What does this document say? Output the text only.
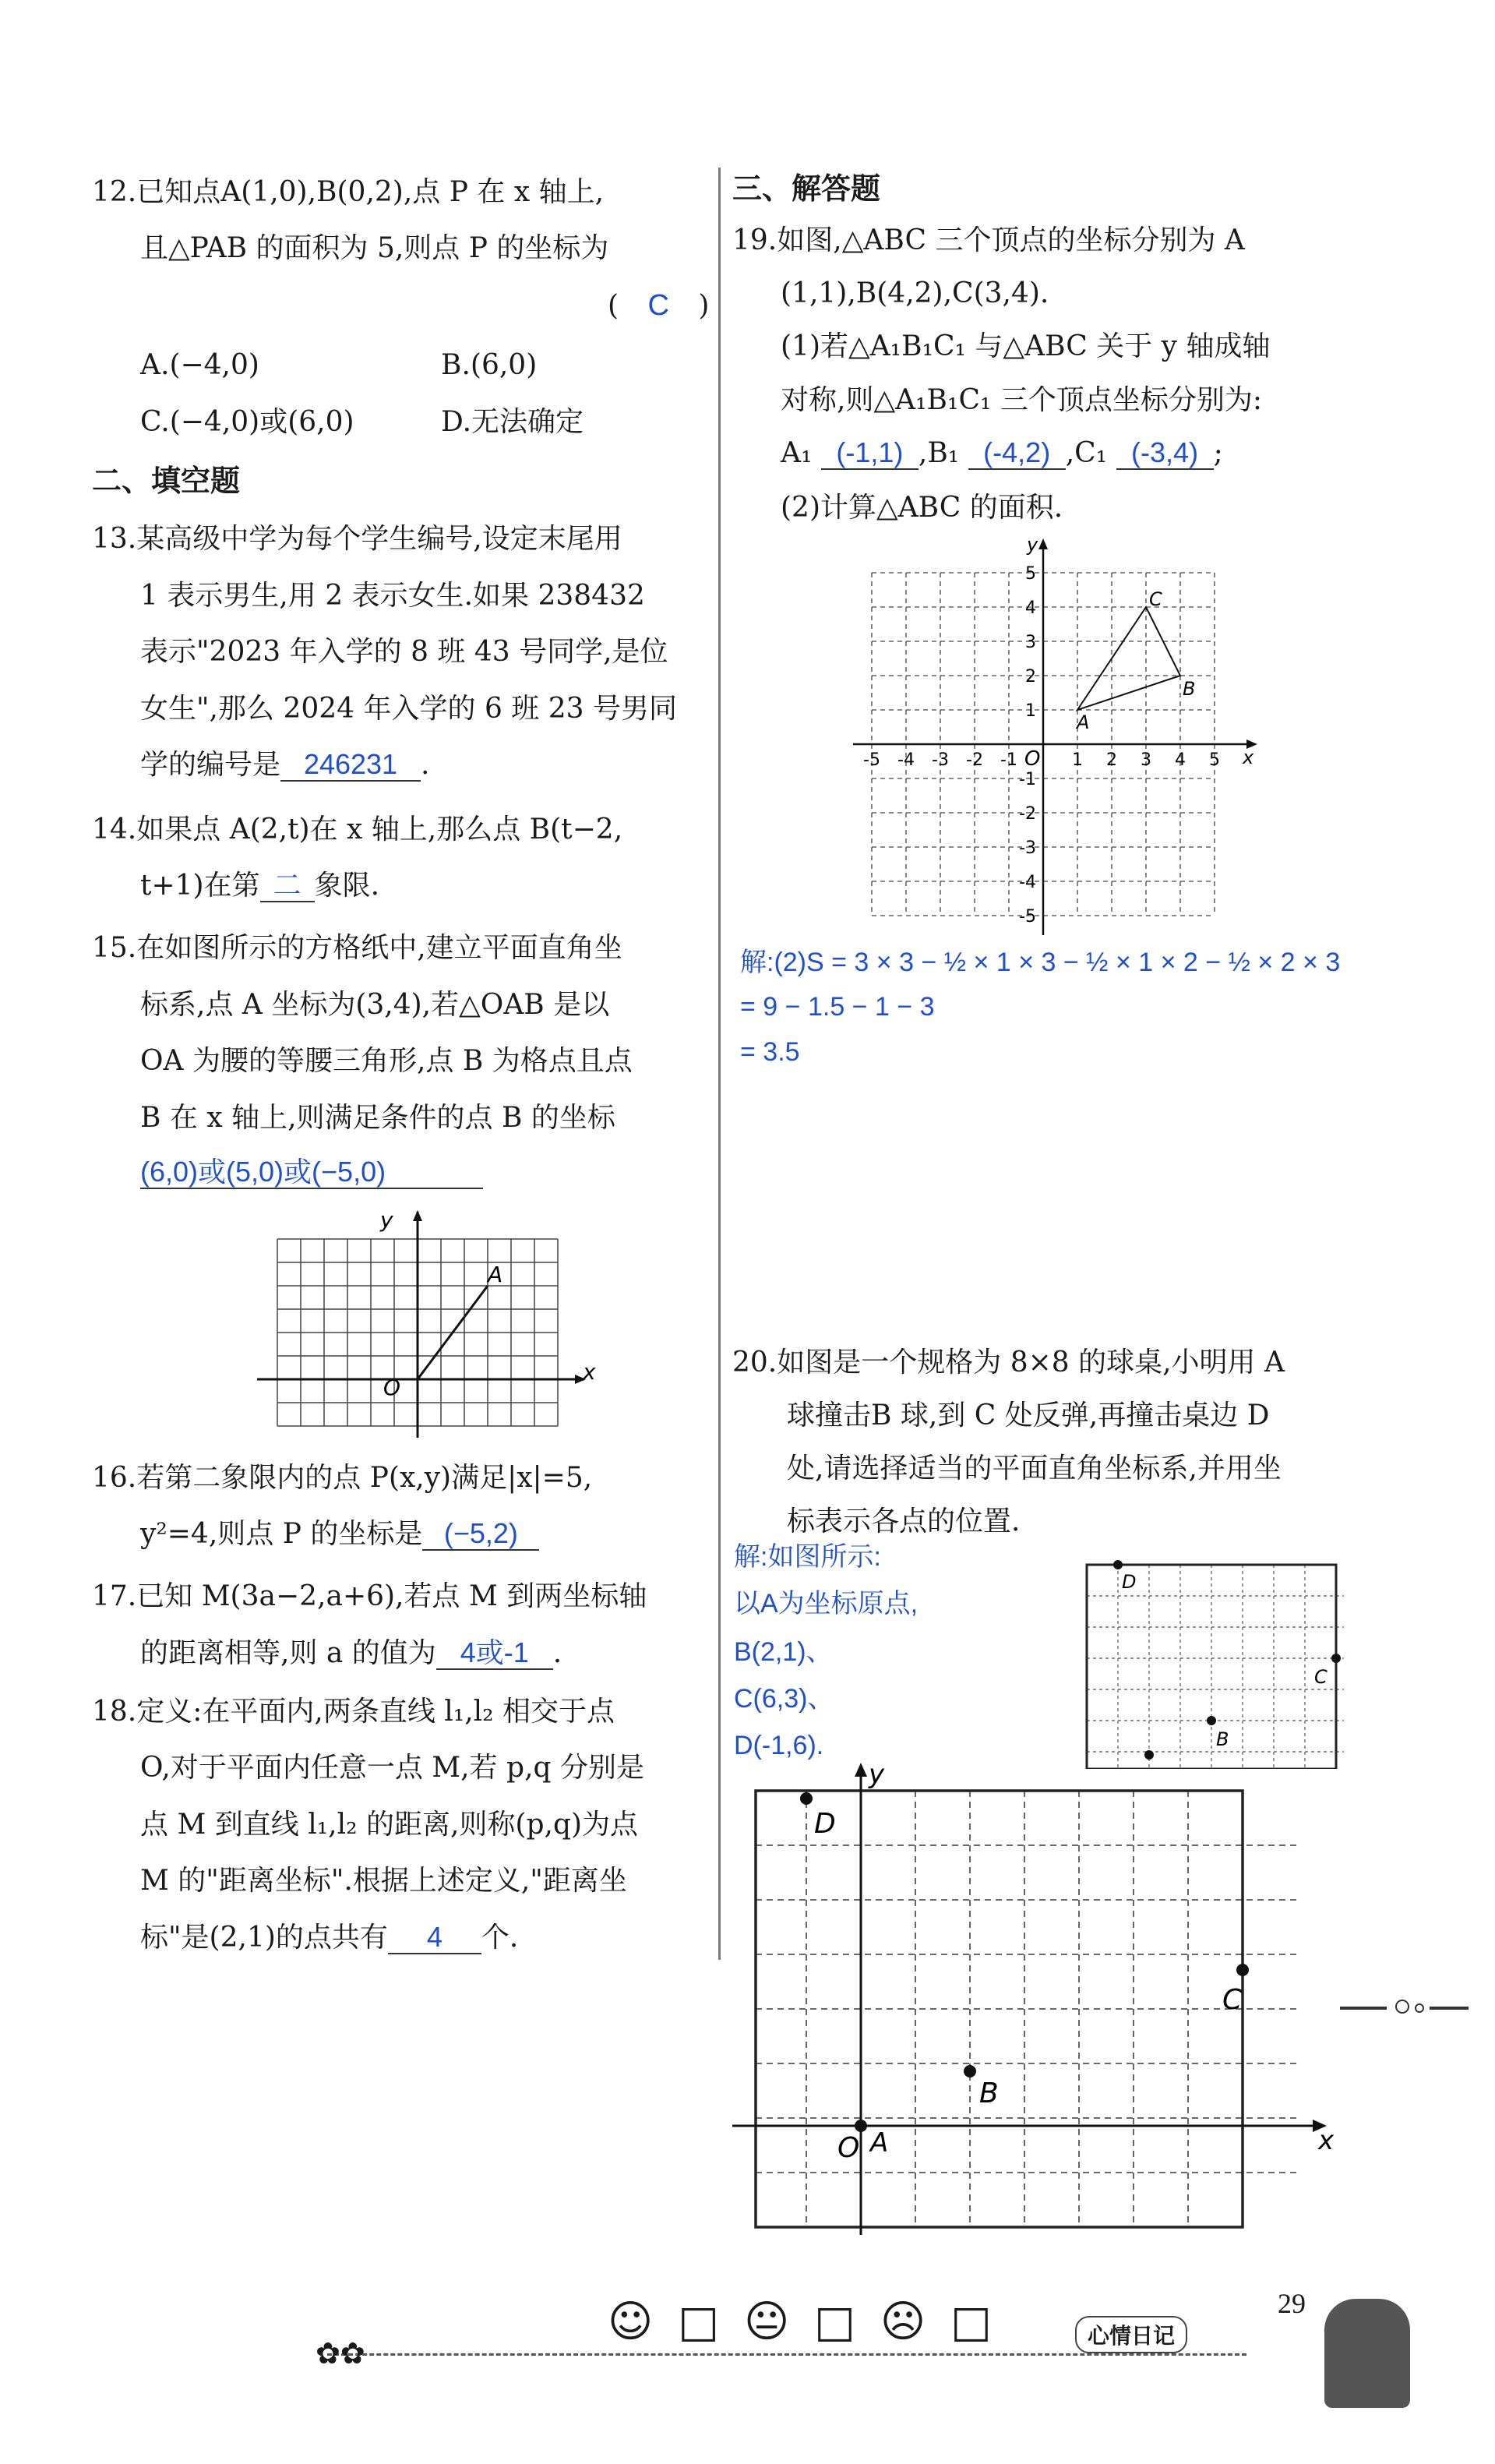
12.已知点A(1,0),B(0,2),点 P 在 x 轴上,
且△PAB 的面积为 5,则点 P 的坐标为
( C )
A.(−4,0)	B.(6,0)
C.(−4,0)或(6,0)	D.无法确定
二、填空题
13.某高级中学为每个学生编号,设定末尾用
1 表示男生,用 2 表示女生.如果 238432
表示"2023 年入学的 8 班 43 号同学,是位
女生",那么 2024 年入学的 6 班 23 号男同
学的编号是 246231 .
14.如果点 A(2,t)在 x 轴上,那么点 B(t−2,
t+1)在第 二 象限.
15.在如图所示的方格纸中,建立平面直角坐
标系,点 A 坐标为(3,4),若△OAB 是以
OA 为腰的等腰三角形,点 B 为格点且点
B 在 x 轴上,则满足条件的点 B 的坐标
(6,0)或(5,0)或(−5,0)
y
x
O
A
16.若第二象限内的点 P(x,y)满足|x|=5,
y²=4,则点 P 的坐标是 (−5,2)
17.已知 M(3a−2,a+6),若点 M 到两坐标轴
的距离相等,则 a 的值为 4或-1 .
18.定义:在平面内,两条直线 l₁,l₂ 相交于点
O,对于平面内任意一点 M,若 p,q 分别是
点 M 到直线 l₁,l₂ 的距离,则称(p,q)为点
M 的"距离坐标".根据上述定义,"距离坐
标"是(2,1)的点共有 4 个.
三、解答题
19.如图,△ABC 三个顶点的坐标分别为 A
(1,1),B(4,2),C(3,4).
(1)若△A₁B₁C₁ 与△ABC 关于 y 轴成轴
对称,则△A₁B₁C₁ 三个顶点坐标分别为:
A₁ (-1,1) ,B₁ (-4,2) ,C₁ (-3,4) ;
(2)计算△ABC 的面积.
y
x
O
A
B
C
-5 -4 -3 -2 -1	1 2 3 4 5
5
4
3
2
1
-1
-2
-3
-4
-5
解:(2)S = 3 × 3 − ½ × 1 × 3 − ½ × 1 × 2 − ½ × 2 × 3
= 9 − 1.5 − 1 − 3
= 3.5
20.如图是一个规格为 8×8 的球桌,小明用 A
球撞击B 球,到 C 处反弹,再撞击桌边 D
处,请选择适当的平面直角坐标系,并用坐
标表示各点的位置.
解:如图所示:
以A为坐标原点,
B(2,1)、
C(6,3)、
D(-1,6).
D
C
B
y
x
O A
B
C
D
☺ □ 😐 □ ☹ □
✿✿
心情日记
29
